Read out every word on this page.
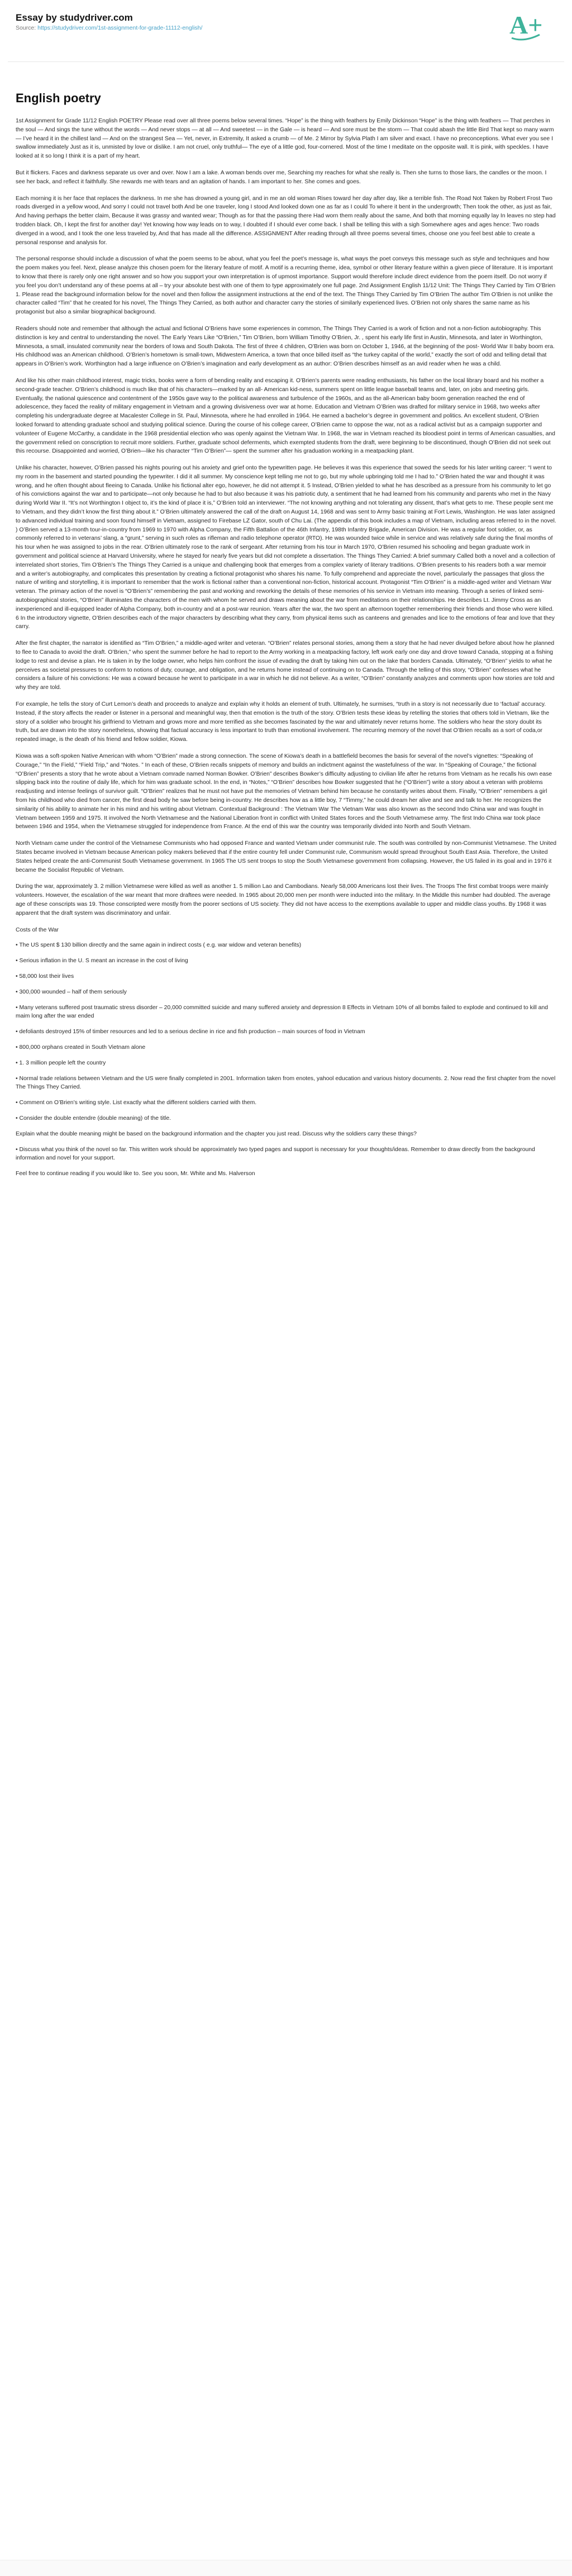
Essay by studydriver.com
Source: https://studydriver.com/1st-assignment-for-grade-11112-english/	A+
English poetry

1st Assignment for Grade 11/12 English POETRY Please read over all three poems below several times. “Hope” is the thing with feathers by Emily Dickinson “Hope” is the thing with feathers — That perches in the soul — And sings the tune without the words — And never stops — at all — And sweetest — in the Gale — is heard — And sore must be the storm — That could abash the little Bird That kept so many warm — I’ve heard it in the chillest land — And on the strangest Sea — Yet, never, in Extremity, It asked a crumb — of Me. 2 Mirror by Sylvia Plath I am silver and exact. I have no preconceptions. What ever you see I swallow immediately Just as it is, unmisted by love or dislike. I am not cruel, only truthful— The eye of a little god, four-cornered. Most of the time I meditate on the opposite wall. It is pink, with speckles. I have looked at it so long I think it is a part of my heart.

But it flickers. Faces and darkness separate us over and over. Now I am a lake. A woman bends over me, Searching my reaches for what she really is. Then she turns to those liars, the candles or the moon. I see her back, and reflect it faithfully. She rewards me with tears and an agitation of hands. I am important to her. She comes and goes.

Each morning it is her face that replaces the darkness. In me she has drowned a young girl, and in me an old woman Rises toward her day after day, like a terrible fish. The Road Not Taken by Robert Frost Two roads diverged in a yellow wood, And sorry I could not travel both And be one traveler, long I stood And looked down one as far as I could To where it bent in the undergrowth; Then took the other, as just as fair, And having perhaps the better claim, Because it was grassy and wanted wear; Though as for that the passing there Had worn them really about the same, And both that morning equally lay In leaves no step had trodden black. Oh, I kept the first for another day! Yet knowing how way leads on to way, I doubted if I should ever come back. I shall be telling this with a sigh Somewhere ages and ages hence: Two roads diverged in a wood, and I took the one less traveled by, And that has made all the difference. ASSIGNMENT After reading through all three poems several times, choose one you feel best able to create a personal response and analysis for.

The personal response should include a discussion of what the poem seems to be about, what you feel the poet’s message is, what ways the poet conveys this message such as style and techniques and how the poem makes you feel. Next, please analyze this chosen poem for the literary feature of motif. A motif is a recurring theme, idea, symbol or other literary feature within a given piece of literature. It is important to know that there is rarely only one right answer and so how you support your own interpretation is of upmost importance. Support would therefore include direct evidence from the poem itself. Do not worry if you feel you don’t understand any of these poems at all – try your absolute best with one of them to type approximately one full page. 2nd Assignment English 11/12 Unit: The Things They Carried by Tim O’Brien 1. Please read the background information below for the novel and then follow the assignment instructions at the end of the text. The Things They Carried by Tim O’Brien The author Tim O’Brien is not unlike the character called “Tim” that he created for his novel, The Things They Carried, as both author and character carry the stories of similarly experienced lives. O’Brien not only shares the same name as his protagonist but also a similar biographical background.

Readers should note and remember that although the actual and fictional O’Briens have some experiences in common, The Things They Carried is a work of fiction and not a non-fiction autobiography. This distinction is key and central to understanding the novel. The Early Years Like “O’Brien,” Tim O’Brien, born William Timothy O’Brien, Jr. , spent his early life first in Austin, Minnesota, and later in Worthington, Minnesota, a small, insulated community near the borders of Iowa and South Dakota. The first of three 4 children, O’Brien was born on October 1, 1946, at the beginning of the post- World War II baby boom era. His childhood was an American childhood. O’Brien’s hometown is small-town, Midwestern America, a town that once billed itself as “the turkey capital of the world,” exactly the sort of odd and telling detail that appears in O’Brien’s work. Worthington had a large influence on O’Brien’s imagination and early development as an author: O’Brien describes himself as an avid reader when he was a child.

And like his other main childhood interest, magic tricks, books were a form of bending reality and escaping it. O’Brien’s parents were reading enthusiasts, his father on the local library board and his mother a second-grade teacher. O’Brien’s childhood is much like that of his characters—marked by an all- American kid-ness, summers spent on little league baseball teams and, later, on jobs and meeting girls. Eventually, the national quiescence and contentment of the 1950s gave way to the political awareness and turbulence of the 1960s, and as the all-American baby boom generation reached the end of adolescence, they faced the reality of military engagement in Vietnam and a growing divisiveness over war at home. Education and Vietnam O’Brien was drafted for military service in 1968, two weeks after completing his undergraduate degree at Macalester College in St. Paul, Minnesota, where he had enrolled in 1964. He earned a bachelor’s degree in government and politics. An excellent student, O’Brien looked forward to attending graduate school and studying political science. During the course of his college career, O’Brien came to oppose the war, not as a radical activist but as a campaign supporter and volunteer of Eugene McCarthy, a candidate in the 1968 presidential election who was openly against the Vietnam War. In 1968, the war in Vietnam reached its bloodiest point in terms of American casualties, and the government relied on conscription to recruit more soldiers. Further, graduate school deferments, which exempted students from the draft, were beginning to be discontinued, though O’Brien did not seek out this recourse. Disappointed and worried, O’Brien—like his character “Tim O’Brien”— spent the summer after his graduation working in a meatpacking plant.

Unlike his character, however, O’Brien passed his nights pouring out his anxiety and grief onto the typewritten page. He believes it was this experience that sowed the seeds for his later writing career: “I went to my room in the basement and started pounding the typewriter. I did it all summer. My conscience kept telling me not to go, but my whole upbringing told me I had to.” O’Brien hated the war and thought it was wrong, and he often thought about fleeing to Canada. Unlike his fictional alter ego, however, he did not attempt it. 5 Instead, O’Brien yielded to what he has described as a pressure from his community to let go of his convictions against the war and to participate—not only because he had to but also because it was his patriotic duty, a sentiment that he had learned from his community and parents who met in the Navy during World War II. “It’s not Worthington I object to, it’s the kind of place it is,” O’Brien told an interviewer. “The not knowing anything and not tolerating any dissent, that’s what gets to me. These people sent me to Vietnam, and they didn’t know the first thing about it.” O’Brien ultimately answered the call of the draft on August 14, 1968 and was sent to Army basic training at Fort Lewis, Washington. He was later assigned to advanced individual training and soon found himself in Vietnam, assigned to Firebase LZ Gator, south of Chu Lai. (The appendix of this book includes a map of Vietnam, including areas referred to in the novel. ) O’Brien served a 13-month tour-in-country from 1969 to 1970 with Alpha Company, the Fifth Battalion of the 46th Infantry, 198th Infantry Brigade, American Division. He was a regular foot soldier, or, as commonly referred to in veterans’ slang, a “grunt,” serving in such roles as rifleman and radio telephone operator (RTO). He was wounded twice while in service and was relatively safe during the final months of his tour when he was assigned to jobs in the rear. O’Brien ultimately rose to the rank of sergeant. After returning from his tour in March 1970, O’Brien resumed his schooling and began graduate work in government and political science at Harvard University, where he stayed for nearly five years but did not complete a dissertation. The Things They Carried: A brief summary Called both a novel and a collection of interrelated short stories, Tim O’Brien’s The Things They Carried is a unique and challenging book that emerges from a complex variety of literary traditions. O’Brien presents to his readers both a war memoir and a writer’s autobiography, and complicates this presentation by creating a fictional protagonist who shares his name. To fully comprehend and appreciate the novel, particularly the passages that gloss the nature of writing and storytelling, it is important to remember that the work is fictional rather than a conventional non-fiction, historical account. Protagonist “Tim O’Brien” is a middle-aged writer and Vietnam War veteran. The primary action of the novel is “O’Brien’s” remembering the past and working and reworking the details of these memories of his service in Vietnam into meaning. Through a series of linked semi-autobiographical stories, “O’Brien” illuminates the characters of the men with whom he served and draws meaning about the war from meditations on their relationships. He describes Lt. Jimmy Cross as an inexperienced and ill-equipped leader of Alpha Company, both in-country and at a post-war reunion. Years after the war, the two spent an afternoon together remembering their friends and those who were killed. 6 In the introductory vignette, O’Brien describes each of the major characters by describing what they carry, from physical items such as canteens and grenades and lice to the emotions of fear and love that they carry.

After the first chapter, the narrator is identified as “Tim O’Brien,” a middle-aged writer and veteran. “O’Brien” relates personal stories, among them a story that he had never divulged before about how he planned to flee to Canada to avoid the draft. O’Brien,” who spent the summer before he had to report to the Army working in a meatpacking factory, left work early one day and drove toward Canada, stopping at a fishing lodge to rest and devise a plan. He is taken in by the lodge owner, who helps him confront the issue of evading the draft by taking him out on the lake that borders Canada. Ultimately, “O’Brien” yields to what he perceives as societal pressures to conform to notions of duty, courage, and obligation, and he returns home instead of continuing on to Canada. Through the telling of this story, “O’Brien” confesses what he considers a failure of his convictions: He was a coward because he went to participate in a war in which he did not believe. As a writer, “O’Brien” constantly analyzes and comments upon how stories are told and why they are told.

For example, he tells the story of Curt Lemon’s death and proceeds to analyze and explain why it holds an element of truth. Ultimately, he surmises, “truth in a story is not necessarily due to ‘factual’ accuracy. Instead, if the story affects the reader or listener in a personal and meaningful way, then that emotion is the truth of the story. O’Brien tests these ideas by retelling the stories that others told in Vietnam, like the story of a soldier who brought his girlfriend to Vietnam and grows more and more terrified as she becomes fascinated by the war and ultimately never returns home. The soldiers who hear the story doubt its truth, but are drawn into the story nonetheless, showing that factual accuracy is less important to truth than emotional involvement. The recurring memory of the novel that O’Brien recalls as a sort of coda,or repeated image, is the death of his friend and fellow soldier, Kiowa.

Kiowa was a soft-spoken Native American with whom “O’Brien” made a strong connection. The scene of Kiowa’s death in a battlefield becomes the basis for several of the novel’s vignettes: “Speaking of Courage,” “In the Field,” “Field Trip,” and “Notes. ” In each of these, O’Brien recalls snippets of memory and builds an indictment against the wastefulness of the war. In “Speaking of Courage,” the fictional “O’Brien” presents a story that he wrote about a Vietnam comrade named Norman Bowker. O’Brien” describes Bowker’s difficulty adjusting to civilian life after he returns from Vietnam as he recalls his own ease slipping back into the routine of daily life, which for him was graduate school. In the end, in “Notes,” “O’Brien” describes how Bowker suggested that he (“O’Brien”) write a story about a veteran with problems readjusting and intense feelings of survivor guilt. “O’Brien” realizes that he must not have put the memories of Vietnam behind him because he constantly writes about them. Finally, “O’Brien” remembers a girl from his childhood who died from cancer, the first dead body he saw before being in-country. He describes how as a little boy, 7 “Timmy,” he could dream her alive and see and talk to her. He recognizes the similarity of his ability to animate her in his mind and his writing about Vietnam. Contextual Background : The Vietnam War The Vietnam War was also known as the second Indo China war and was fought in Vietnam between 1959 and 1975. It involved the North Vietnamese and the National Liberation front in conflict with United States forces and the South Vietnamese army. The first Indo China war took place between 1946 and 1954, when the Vietnamese struggled for independence from France. At the end of this war the country was temporarily divided into North and South Vietnam.

North Vietnam came under the control of the Vietnamese Communists who had opposed France and wanted Vietnam under communist rule. The south was controlled by non-Communist Vietnamese. The United States became involved in Vietnam because American policy makers believed that if the entire country fell under Communist rule, Communism would spread throughout South East Asia. Therefore, the United States helped create the anti-Communist South Vietnamese government. In 1965 The US sent troops to stop the South Vietnamese government from collapsing. However, the US failed in its goal and in 1976 it became the Socialist Republic of Vietnam.

During the war, approximately 3. 2 million Vietnamese were killed as well as another 1. 5 million Lao and Cambodians. Nearly 58,000 Americans lost their lives. The Troops The first combat troops were mainly volunteers. However, the escalation of the war meant that more draftees were needed. In 1965 about 20,000 men per month were inducted into the military. In the Middle this number had doubled. The average age of these conscripts was 19. Those conscripted were mostly from the poorer sections of US society. They did not have access to the exemptions available to upper and middle class youths. By 1968 it was apparent that the draft system was discriminatory and unfair.

Costs of the War

• The US spent $ 130 billion directly and the same again in indirect costs ( e.g. war widow and veteran benefits)

• Serious inflation in the U. S meant an increase in the cost of living

• 58,000 lost their lives

• 300,000 wounded – half of them seriously

• Many veterans suffered post traumatic stress disorder – 20,000 committed suicide and many suffered anxiety and depression 8 Effects in Vietnam 10% of all bombs failed to explode and continued to kill and maim long after the war ended

• defoliants destroyed 15% of timber resources and led to a serious decline in rice and fish production – main sources of food in Vietnam

• 800,000 orphans created in South Vietnam alone

• 1. 3 million people left the country

• Normal trade relations between Vietnam and the US were finally completed in 2001. Information taken from enotes, yahool education and various history documents. 2. Now read the first chapter from the novel The Things They Carried.

• Comment on O’Brien’s writing style. List exactly what the different soldiers carried with them.

• Consider the double entendre (double meaning) of the title.

Explain what the double meaning might be based on the background information and the chapter you just read. Discuss why the soldiers carry these things?

• Discuss what you think of the novel so far. This written work should be approximately two typed pages and support is necessary for your thoughts/ideas. Remember to draw directly from the background information and novel for your support.

Feel free to continue reading if you would like to. See you soon, Mr. White and Ms. Halverson
